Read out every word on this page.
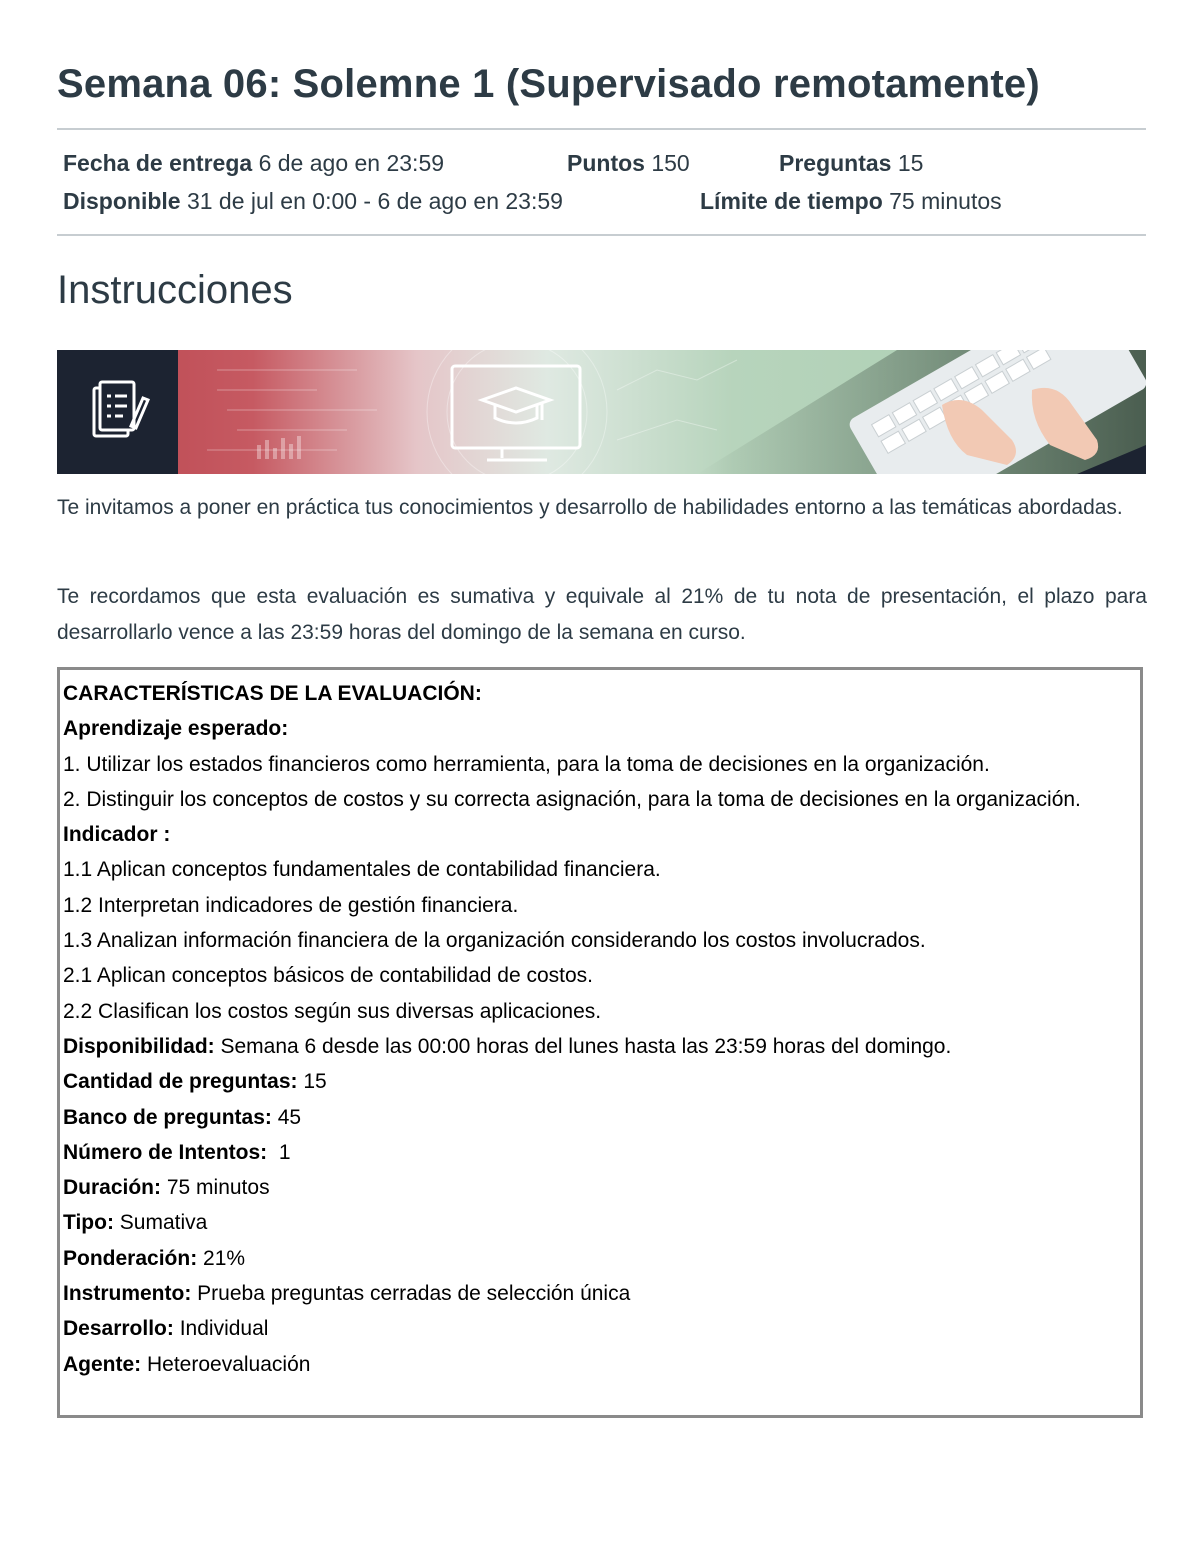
Semana 06: Solemne 1 (Supervisado remotamente)
Fecha de entrega 6 de ago en 23:59	Puntos 150	Preguntas 15
Disponible 31 de jul en 0:00 - 6 de ago en 23:59	Límite de tiempo 75 minutos
Instrucciones

Te invitamos a poner en práctica tus conocimientos y desarrollo de habilidades entorno a las temáticas abordadas.

Te recordamos que esta evaluación es sumativa y equivale al 21% de tu nota de presentación, el plazo para desarrollarlo vence a las 23:59 horas del domingo de la semana en curso.

CARACTERÍSTICAS DE LA EVALUACIÓN:
Aprendizaje esperado:
1. Utilizar los estados financieros como herramienta, para la toma de decisiones en la organización.
2. Distinguir los conceptos de costos y su correcta asignación, para la toma de decisiones en la organización.
Indicador :
1.1 Aplican conceptos fundamentales de contabilidad financiera.
1.2 Interpretan indicadores de gestión financiera.
1.3 Analizan información financiera de la organización considerando los costos involucrados.
2.1 Aplican conceptos básicos de contabilidad de costos.
2.2 Clasifican los costos según sus diversas aplicaciones.
Disponibilidad: Semana 6 desde las 00:00 horas del lunes hasta las 23:59 horas del domingo.
Cantidad de preguntas: 15
Banco de preguntas: 45
Número de Intentos:  1
Duración: 75 minutos
Tipo: Sumativa
Ponderación: 21%
Instrumento: Prueba preguntas cerradas de selección única
Desarrollo: Individual
Agente: Heteroevaluación
